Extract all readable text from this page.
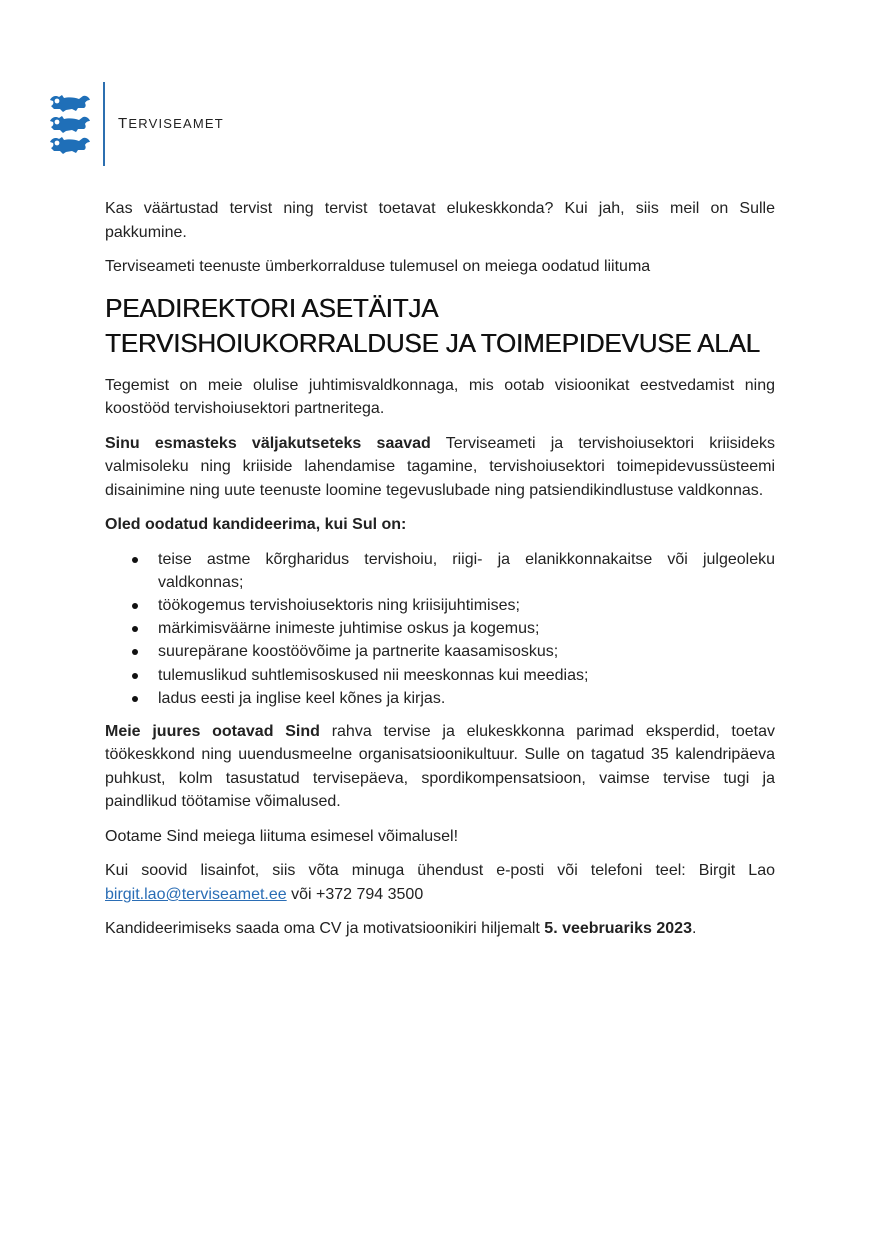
TERVISEAMET

Kas väärtustad tervist ning tervist toetavat elukeskkonda? Kui jah, siis meil on Sulle pakkumine.

Terviseameti teenuste ümberkorralduse tulemusel on meiega oodatud liituma

PEADIREKTORI ASETÄITJA TERVISHOIUKORRALDUSE JA TOIMEPIDEVUSE ALAL

Tegemist on meie olulise juhtimisvaldkonnaga, mis ootab visioonikat eestvedamist ning koostööd tervishoiusektori partneritega.

Sinu esmasteks väljakutseteks saavad Terviseameti ja tervishoiusektori kriisideks valmisoleku ning kriiside lahendamise tagamine, tervishoiusektori toimepidevussüsteemi disainimine ning uute teenuste loomine tegevuslubade ning patsiendikindlustuse valdkonnas.

Oled oodatud kandideerima, kui Sul on:

teise astme kõrgharidus tervishoiu, riigi- ja elanikkonnakaitse või julgeoleku valdkonnas;
töökogemus tervishoiusektoris ning kriisijuhtimises;
märkimisväärne inimeste juhtimise oskus ja kogemus;
suurepärane koostöövõime ja partnerite kaasamisoskus;
tulemuslikud suhtlemisoskused nii meeskonnas kui meedias;
ladus eesti ja inglise keel kõnes ja kirjas.

Meie juures ootavad Sind rahva tervise ja elukeskkonna parimad eksperdid, toetav töökeskkond ning uuendusmeelne organisatsioonikultuur. Sulle on tagatud 35 kalendripäeva puhkust, kolm tasustatud tervisepäeva, spordikompensatsioon, vaimse tervise tugi ja paindlikud töötamise võimalused.

Ootame Sind meiega liituma esimesel võimalusel!

Kui soovid lisainfot, siis võta minuga ühendust e-posti või telefoni teel: Birgit Lao birgit.lao@terviseamet.ee või +372 794 3500

Kandideerimiseks saada oma CV ja motivatsioonikiri hiljemalt 5. veebruariks 2023.
